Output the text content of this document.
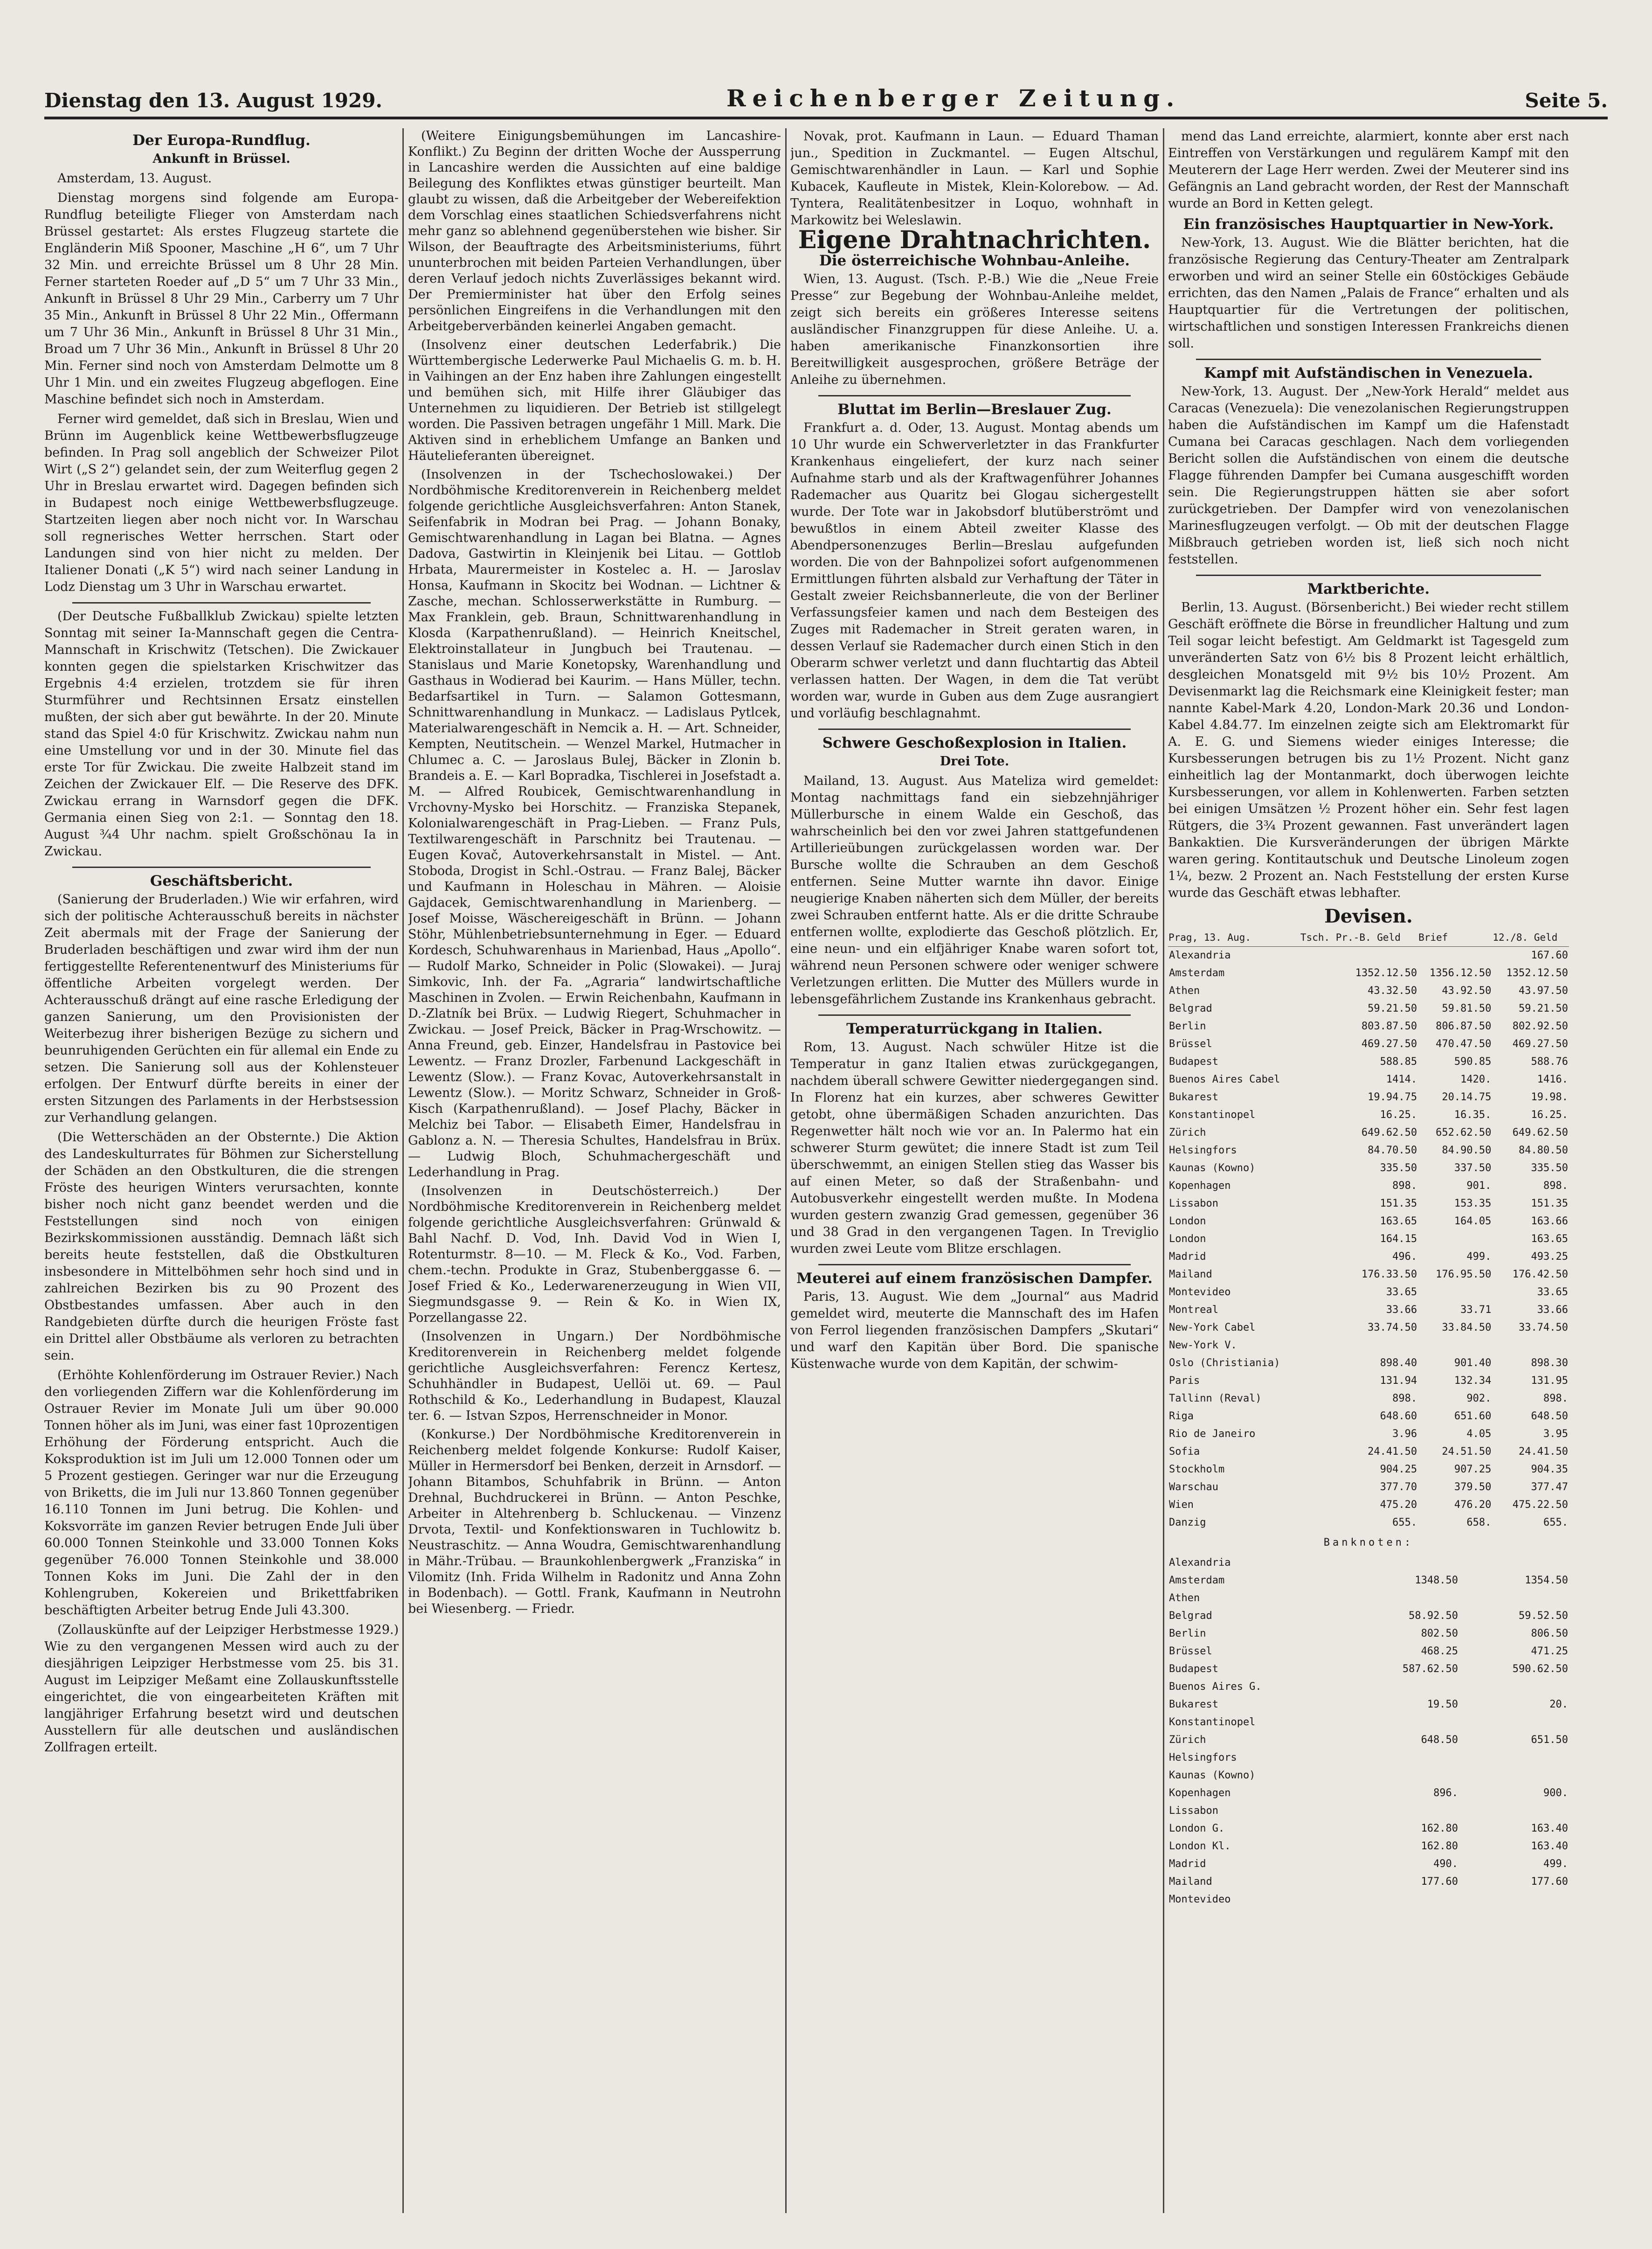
Dienstag den 13. August 1929.	Reichenberger Zeitung.	Seite 5.
Der Europa-Rundflug.
Ankunft in Brüssel.

Amsterdam, 13. August.

Dienstag morgens sind folgende am Europa-Rundflug beteiligte Flieger von Amsterdam nach Brüssel gestartet: Als erstes Flugzeug startete die Engländerin Miß Spooner, Maschine „H 6“, um 7 Uhr 32 Min. und erreichte Brüssel um 8 Uhr 28 Min. Ferner starteten Roeder auf „D 5“ um 7 Uhr 33 Min., Ankunft in Brüssel 8 Uhr 29 Min., Carberry um 7 Uhr 35 Min., Ankunft in Brüssel 8 Uhr 22 Min., Offermann um 7 Uhr 36 Min., Ankunft in Brüssel 8 Uhr 31 Min., Broad um 7 Uhr 36 Min., Ankunft in Brüssel 8 Uhr 20 Min. Ferner sind noch von Amsterdam Delmotte um 8 Uhr 1 Min. und ein zweites Flugzeug abgeflogen. Eine Maschine befindet sich noch in Amsterdam.

Ferner wird gemeldet, daß sich in Breslau, Wien und Brünn im Augenblick keine Wettbewerbsflugzeuge befinden. In Prag soll angeblich der Schweizer Pilot Wirt („S 2“) gelandet sein, der zum Weiterflug gegen 2 Uhr in Breslau erwartet wird. Dagegen befinden sich in Budapest noch einige Wettbewerbsflugzeuge. Startzeiten liegen aber noch nicht vor. In Warschau soll regnerisches Wetter herrschen. Start oder Landungen sind von hier nicht zu melden. Der Italiener Donati („K 5“) wird nach seiner Landung in Lodz Dienstag um 3 Uhr in Warschau erwartet.

(Der Deutsche Fußballklub Zwickau) spielte letzten Sonntag mit seiner Ia-Mannschaft gegen die Centra-Mannschaft in Krischwitz (Tetschen). Die Zwickauer konnten gegen die spielstarken Krischwitzer das Ergebnis 4:4 erzielen, trotzdem sie für ihren Sturmführer und Rechtsinnen Ersatz einstellen mußten, der sich aber gut bewährte. In der 20. Minute stand das Spiel 4:0 für Krischwitz. Zwickau nahm nun eine Umstellung vor und in der 30. Minute fiel das erste Tor für Zwickau. Die zweite Halbzeit stand im Zeichen der Zwickauer Elf. — Die Reserve des DFK. Zwickau errang in Warnsdorf gegen die DFK. Germania einen Sieg von 2:1. — Sonntag den 18. August ¾4 Uhr nachm. spielt Großschönau Ia in Zwickau.

Geschäftsbericht.

(Sanierung der Bruderladen.) Wie wir erfahren, wird sich der politische Achterausschuß bereits in nächster Zeit abermals mit der Frage der Sanierung der Bruderladen beschäftigen und zwar wird ihm der nun fertiggestellte Referentenentwurf des Ministeriums für öffentliche Arbeiten vorgelegt werden. Der Achterausschuß drängt auf eine rasche Erledigung der ganzen Sanierung, um den Provisionisten der Weiterbezug ihrer bisherigen Bezüge zu sichern und beunruhigenden Gerüchten ein für allemal ein Ende zu setzen. Die Sanierung soll aus der Kohlensteuer erfolgen. Der Entwurf dürfte bereits in einer der ersten Sitzungen des Parlaments in der Herbstsession zur Verhandlung gelangen.

(Die Wetterschäden an der Obsternte.) Die Aktion des Landeskulturrates für Böhmen zur Sicherstellung der Schäden an den Obstkulturen, die die strengen Fröste des heurigen Winters verursachten, konnte bisher noch nicht ganz beendet werden und die Feststellungen sind noch von einigen Bezirkskommissionen ausständig. Demnach läßt sich bereits heute feststellen, daß die Obstkulturen insbesondere in Mittelböhmen sehr hoch sind und in zahlreichen Bezirken bis zu 90 Prozent des Obstbestandes umfassen. Aber auch in den Randgebieten dürfte durch die heurigen Fröste fast ein Drittel aller Obstbäume als verloren zu betrachten sein.

(Erhöhte Kohlenförderung im Ostrauer Revier.) Nach den vorliegenden Ziffern war die Kohlenförderung im Ostrauer Revier im Monate Juli um über 90.000 Tonnen höher als im Juni, was einer fast 10prozentigen Erhöhung der Förderung entspricht. Auch die Koksproduktion ist im Juli um 12.000 Tonnen oder um 5 Prozent gestiegen. Geringer war nur die Erzeugung von Briketts, die im Juli nur 13.860 Tonnen gegenüber 16.110 Tonnen im Juni betrug. Die Kohlen- und Koksvorräte im ganzen Revier betrugen Ende Juli über 60.000 Tonnen Steinkohle und 33.000 Tonnen Koks gegenüber 76.000 Tonnen Steinkohle und 38.000 Tonnen Koks im Juni. Die Zahl der in den Kohlengruben, Kokereien und Brikettfabriken beschäftigten Arbeiter betrug Ende Juli 43.300.

(Zollauskünfte auf der Leipziger Herbstmesse 1929.) Wie zu den vergangenen Messen wird auch zu der diesjährigen Leipziger Herbstmesse vom 25. bis 31. August im Leipziger Meßamt eine Zollauskunftsstelle eingerichtet, die von eingearbeiteten Kräften mit langjähriger Erfahrung besetzt wird und deutschen Ausstellern für alle deutschen und ausländischen Zollfragen erteilt.

(Weitere Einigungsbemühungen im Lancashire-Konflikt.) Zu Beginn der dritten Woche der Aussperrung in Lancashire werden die Aussichten auf eine baldige Beilegung des Konfliktes etwas günstiger beurteilt. Man glaubt zu wissen, daß die Arbeitgeber der Webereifektion dem Vorschlag eines staatlichen Schiedsverfahrens nicht mehr ganz so ablehnend gegenüberstehen wie bisher. Sir Wilson, der Beauftragte des Arbeitsministeriums, führt ununterbrochen mit beiden Parteien Verhandlungen, über deren Verlauf jedoch nichts Zuverlässiges bekannt wird. Der Premierminister hat über den Erfolg seines persönlichen Eingreifens in die Verhandlungen mit den Arbeitgeberverbänden keinerlei Angaben gemacht.

(Insolvenz einer deutschen Lederfabrik.) Die Württembergische Lederwerke Paul Michaelis G. m. b. H. in Vaihingen an der Enz haben ihre Zahlungen eingestellt und bemühen sich, mit Hilfe ihrer Gläubiger das Unternehmen zu liquidieren. Der Betrieb ist stillgelegt worden. Die Passiven betragen ungefähr 1 Mill. Mark. Die Aktiven sind in erheblichem Umfange an Banken und Häutelieferanten übereignet.

(Insolvenzen in der Tschechoslowakei.) Der Nordböhmische Kreditorenverein in Reichenberg meldet folgende gerichtliche Ausgleichsverfahren: Anton Stanek, Seifenfabrik in Modran bei Prag. — Johann Bonaky, Gemischtwarenhandlung in Lagan bei Blatna. — Agnes Dadova, Gastwirtin in Kleinjenik bei Litau. — Gottlob Hrbata, Maurermeister in Kostelec a. H. — Jaroslav Honsa, Kaufmann in Skocitz bei Wodnan. — Lichtner & Zasche, mechan. Schlosserwerkstätte in Rumburg. — Max Franklein, geb. Braun, Schnittwarenhandlung in Klosda (Karpathenrußland). — Heinrich Kneitschel, Elektroinstallateur in Jungbuch bei Trautenau. — Stanislaus und Marie Konetopsky, Warenhandlung und Gasthaus in Wodierad bei Kaurim. — Hans Müller, techn. Bedarfsartikel in Turn. — Salamon Gottesmann, Schnittwarenhandlung in Munkacz. — Ladislaus Pytlcek, Materialwarengeschäft in Nemcik a. H. — Art. Schneider, Kempten, Neutitschein. — Wenzel Markel, Hutmacher in Chlumec a. C. — Jaroslaus Bulej, Bäcker in Zlonin b. Brandeis a. E. — Karl Bopradka, Tischlerei in Josefstadt a. M. — Alfred Roubicek, Gemischtwarenhandlung in Vrchovny-Mysko bei Horschitz. — Franziska Stepanek, Kolonialwarengeschäft in Prag-Lieben. — Franz Puls, Textilwarengeschäft in Parschnitz bei Trautenau. — Eugen Kovač, Autoverkehrsanstalt in Mistel. — Ant. Stoboda, Drogist in Schl.-Ostrau. — Franz Balej, Bäcker und Kaufmann in Holeschau in Mähren. — Aloisie Gajdacek, Gemischtwarenhandlung in Marienberg. — Josef Moisse, Wäschereigeschäft in Brünn. — Johann Stöhr, Mühlenbetriebsunternehmung in Eger. — Eduard Kordesch, Schuhwarenhaus in Marienbad, Haus „Apollo“. — Rudolf Marko, Schneider in Polic (Slowakei). — Juraj Simkovic, Inh. der Fa. „Agraria“ landwirtschaftliche Maschinen in Zvolen. — Erwin Reichenbahn, Kaufmann in D.-Zlatník bei Brüx. — Ludwig Riegert, Schuhmacher in Zwickau. — Josef Preick, Bäcker in Prag-Wrschowitz. — Anna Freund, geb. Einzer, Handelsfrau in Pastovice bei Lewentz. — Franz Drozler, Farbenund Lackgeschäft in Lewentz (Slow.). — Franz Kovac, Autoverkehrsanstalt in Lewentz (Slow.). — Moritz Schwarz, Schneider in Groß-Kisch (Karpathenrußland). — Josef Plachy, Bäcker in Melchiz bei Tabor. — Elisabeth Eimer, Handelsfrau in Gablonz a. N. — Theresia Schultes, Handelsfrau in Brüx. — Ludwig Bloch, Schuhmachergeschäft und Lederhandlung in Prag.

(Insolvenzen in Deutschösterreich.) Der Nordböhmische Kreditorenverein in Reichenberg meldet folgende gerichtliche Ausgleichsverfahren: Grünwald & Bahl Nachf. D. Vod, Inh. David Vod in Wien I, Rotenturmstr. 8—10. — M. Fleck & Ko., Vod. Farben, chem.-techn. Produkte in Graz, Stubenberggasse 6. — Josef Fried & Ko., Lederwarenerzeugung in Wien VII, Siegmundsgasse 9. — Rein & Ko. in Wien IX, Porzellangasse 22.

(Insolvenzen in Ungarn.) Der Nordböhmische Kreditorenverein in Reichenberg meldet folgende gerichtliche Ausgleichsverfahren: Ferencz Kertesz, Schuhhändler in Budapest, Uellöi ut. 69. — Paul Rothschild & Ko., Lederhandlung in Budapest, Klauzal ter. 6. — Istvan Szpos, Herrenschneider in Monor.

(Konkurse.) Der Nordböhmische Kreditorenverein in Reichenberg meldet folgende Konkurse: Rudolf Kaiser, Müller in Hermersdorf bei Benken, derzeit in Arnsdorf. — Johann Bitambos, Schuhfabrik in Brünn. — Anton Drehnal, Buchdruckerei in Brünn. — Anton Peschke, Arbeiter in Altehrenberg b. Schluckenau. — Vinzenz Drvota, Textil- und Konfektionswaren in Tuchlowitz b. Neustraschitz. — Anna Woudra, Gemischtwarenhandlung in Mähr.-Trübau. — Braunkohlenbergwerk „Franziska“ in Vilomitz (Inh. Frida Wilhelm in Radonitz und Anna Zohn in Bodenbach). — Gottl. Frank, Kaufmann in Neutrohn bei Wiesenberg. — Friedr.

Novak, prot. Kaufmann in Laun. — Eduard Thaman jun., Spedition in Zuckmantel. — Eugen Altschul, Gemischtwarenhändler in Laun. — Karl und Sophie Kubacek, Kaufleute in Mistek, Klein-Kolorebow. — Ad. Tyntera, Realitätenbesitzer in Loquo, wohnhaft in Markowitz bei Weleslawin.

Eigene Drahtnachrichten.
Die österreichische Wohnbau-Anleihe.

Wien, 13. August. (Tsch. P.-B.) Wie die „Neue Freie Presse“ zur Begebung der Wohnbau-Anleihe meldet, zeigt sich bereits ein größeres Interesse seitens ausländischer Finanzgruppen für diese Anleihe. U. a. haben amerikanische Finanzkonsortien ihre Bereitwilligkeit ausgesprochen, größere Beträge der Anleihe zu übernehmen.

Bluttat im Berlin—Breslauer Zug.

Frankfurt a. d. Oder, 13. August. Montag abends um 10 Uhr wurde ein Schwerverletzter in das Frankfurter Krankenhaus eingeliefert, der kurz nach seiner Aufnahme starb und als der Kraftwagenführer Johannes Rademacher aus Quaritz bei Glogau sichergestellt wurde. Der Tote war in Jakobsdorf blutüberströmt und bewußtlos in einem Abteil zweiter Klasse des Abendpersonenzuges Berlin—Breslau aufgefunden worden. Die von der Bahnpolizei sofort aufgenommenen Ermittlungen führten alsbald zur Verhaftung der Täter in Gestalt zweier Reichsbannerleute, die von der Berliner Verfassungsfeier kamen und nach dem Besteigen des Zuges mit Rademacher in Streit geraten waren, in dessen Verlauf sie Rademacher durch einen Stich in den Oberarm schwer verletzt und dann fluchtartig das Abteil verlassen hatten. Der Wagen, in dem die Tat verübt worden war, wurde in Guben aus dem Zuge ausrangiert und vorläufig beschlagnahmt.

Schwere Geschoßexplosion in Italien.
Drei Tote.

Mailand, 13. August. Aus Mateliza wird gemeldet: Montag nachmittags fand ein siebzehnjähriger Müllerbursche in einem Walde ein Geschoß, das wahrscheinlich bei den vor zwei Jahren stattgefundenen Artillerieübungen zurückgelassen worden war. Der Bursche wollte die Schrauben an dem Geschoß entfernen. Seine Mutter warnte ihn davor. Einige neugierige Knaben näherten sich dem Müller, der bereits zwei Schrauben entfernt hatte. Als er die dritte Schraube entfernen wollte, explodierte das Geschoß plötzlich. Er, eine neun- und ein elfjähriger Knabe waren sofort tot, während neun Personen schwere oder weniger schwere Verletzungen erlitten. Die Mutter des Müllers wurde in lebensgefährlichem Zustande ins Krankenhaus gebracht.

Temperaturrückgang in Italien.

Rom, 13. August. Nach schwüler Hitze ist die Temperatur in ganz Italien etwas zurückgegangen, nachdem überall schwere Gewitter niedergegangen sind. In Florenz hat ein kurzes, aber schweres Gewitter getobt, ohne übermäßigen Schaden anzurichten. Das Regenwetter hält noch wie vor an. In Palermo hat ein schwerer Sturm gewütet; die innere Stadt ist zum Teil überschwemmt, an einigen Stellen stieg das Wasser bis auf einen Meter, so daß der Straßenbahn- und Autobusverkehr eingestellt werden mußte. In Modena wurden gestern zwanzig Grad gemessen, gegenüber 36 und 38 Grad in den vergangenen Tagen. In Treviglio wurden zwei Leute vom Blitze erschlagen.

Meuterei auf einem französischen Dampfer.

Paris, 13. August. Wie dem „Journal“ aus Madrid gemeldet wird, meuterte die Mannschaft des im Hafen von Ferrol liegenden französischen Dampfers „Skutari“ und warf den Kapitän über Bord. Die spanische Küstenwache wurde von dem Kapitän, der schwim-

mend das Land erreichte, alarmiert, konnte aber erst nach Eintreffen von Verstärkungen und regulärem Kampf mit den Meuterern der Lage Herr werden. Zwei der Meuterer sind ins Gefängnis an Land gebracht worden, der Rest der Mannschaft wurde an Bord in Ketten gelegt.

Ein französisches Hauptquartier in New-York.

New-York, 13. August. Wie die Blätter berichten, hat die französische Regierung das Century-Theater am Zentralpark erworben und wird an seiner Stelle ein 60stöckiges Gebäude errichten, das den Namen „Palais de France“ erhalten und als Hauptquartier für die Vertretungen der politischen, wirtschaftlichen und sonstigen Interessen Frankreichs dienen soll.

Kampf mit Aufständischen in Venezuela.

New-York, 13. August. Der „New-York Herald“ meldet aus Caracas (Venezuela): Die venezolanischen Regierungstruppen haben die Aufständischen im Kampf um die Hafenstadt Cumana bei Caracas geschlagen. Nach dem vorliegenden Bericht sollen die Aufständischen von einem die deutsche Flagge führenden Dampfer bei Cumana ausgeschifft worden sein. Die Regierungstruppen hätten sie aber sofort zurückgetrieben. Der Dampfer wird von venezolanischen Marinesflugzeugen verfolgt. — Ob mit der deutschen Flagge Mißbrauch getrieben worden ist, ließ sich noch nicht feststellen.

Marktberichte.

Berlin, 13. August. (Börsenbericht.) Bei wieder recht stillem Geschäft eröffnete die Börse in freundlicher Haltung und zum Teil sogar leicht befestigt. Am Geldmarkt ist Tagesgeld zum unveränderten Satz von 6½ bis 8 Prozent leicht erhältlich, desgleichen Monatsgeld mit 9½ bis 10½ Prozent. Am Devisenmarkt lag die Reichsmark eine Kleinigkeit fester; man nannte Kabel-Mark 4.20, London-Mark 20.36 und London-Kabel 4.84.77. Im einzelnen zeigte sich am Elektromarkt für A. E. G. und Siemens wieder einiges Interesse; die Kursbesserungen betrugen bis zu 1½ Prozent. Nicht ganz einheitlich lag der Montanmarkt, doch überwogen leichte Kursbesserungen, vor allem in Kohlenwerten. Farben setzten bei einigen Umsätzen ½ Prozent höher ein. Sehr fest lagen Rütgers, die 3¾ Prozent gewannen. Fast unverändert lagen Bankaktien. Die Kursveränderungen der übrigen Märkte waren gering. Kontitautschuk und Deutsche Linoleum zogen 1¼, bezw. 2 Prozent an. Nach Feststellung der ersten Kurse wurde das Geschäft etwas lebhafter.

Devisen.
Prag, 13. Aug.	Tsch. Pr.-B. Geld	Brief	12./8. Geld
Alexandria			167.60
Amsterdam	1352.12.50	1356.12.50	1352.12.50
Athen	43.32.50	43.92.50	43.97.50
Belgrad	59.21.50	59.81.50	59.21.50
Berlin	803.87.50	806.87.50	802.92.50
Brüssel	469.27.50	470.47.50	469.27.50
Budapest	588.85	590.85	588.76
Buenos Aires Cabel	1414.	1420.	1416.
Bukarest	19.94.75	20.14.75	19.98.
Konstantinopel	16.25.	16.35.	16.25.
Zürich	649.62.50	652.62.50	649.62.50
Helsingfors	84.70.50	84.90.50	84.80.50
Kaunas (Kowno)	335.50	337.50	335.50
Kopenhagen	898.	901.	898.
Lissabon	151.35	153.35	151.35
London	163.65	164.05	163.66
London	164.15		163.65
Madrid	496.	499.	493.25
Mailand	176.33.50	176.95.50	176.42.50
Montevideo	33.65		33.65
Montreal	33.66	33.71	33.66
New-York Cabel	33.74.50	33.84.50	33.74.50
New-York V.			
Oslo (Christiania)	898.40	901.40	898.30
Paris	131.94	132.34	131.95
Tallinn (Reval)	898.	902.	898.
Riga	648.60	651.60	648.50
Rio de Janeiro	3.96	4.05	3.95
Sofia	24.41.50	24.51.50	24.41.50
Stockholm	904.25	907.25	904.35
Warschau	377.70	379.50	377.47
Wien	475.20	476.20	475.22.50
Danzig	655.	658.	655.
Banknoten:
Alexandria		
Amsterdam	1348.50	1354.50
Athen		
Belgrad	58.92.50	59.52.50
Berlin	802.50	806.50
Brüssel	468.25	471.25
Budapest	587.62.50	590.62.50
Buenos Aires G.		
Bukarest	19.50	20.
Konstantinopel		
Zürich	648.50	651.50
Helsingfors		
Kaunas (Kowno)		
Kopenhagen	896.	900.
Lissabon		
London G.	162.80	163.40
London Kl.	162.80	163.40
Madrid	490.	499.
Mailand	177.60	177.60
Montevideo		
